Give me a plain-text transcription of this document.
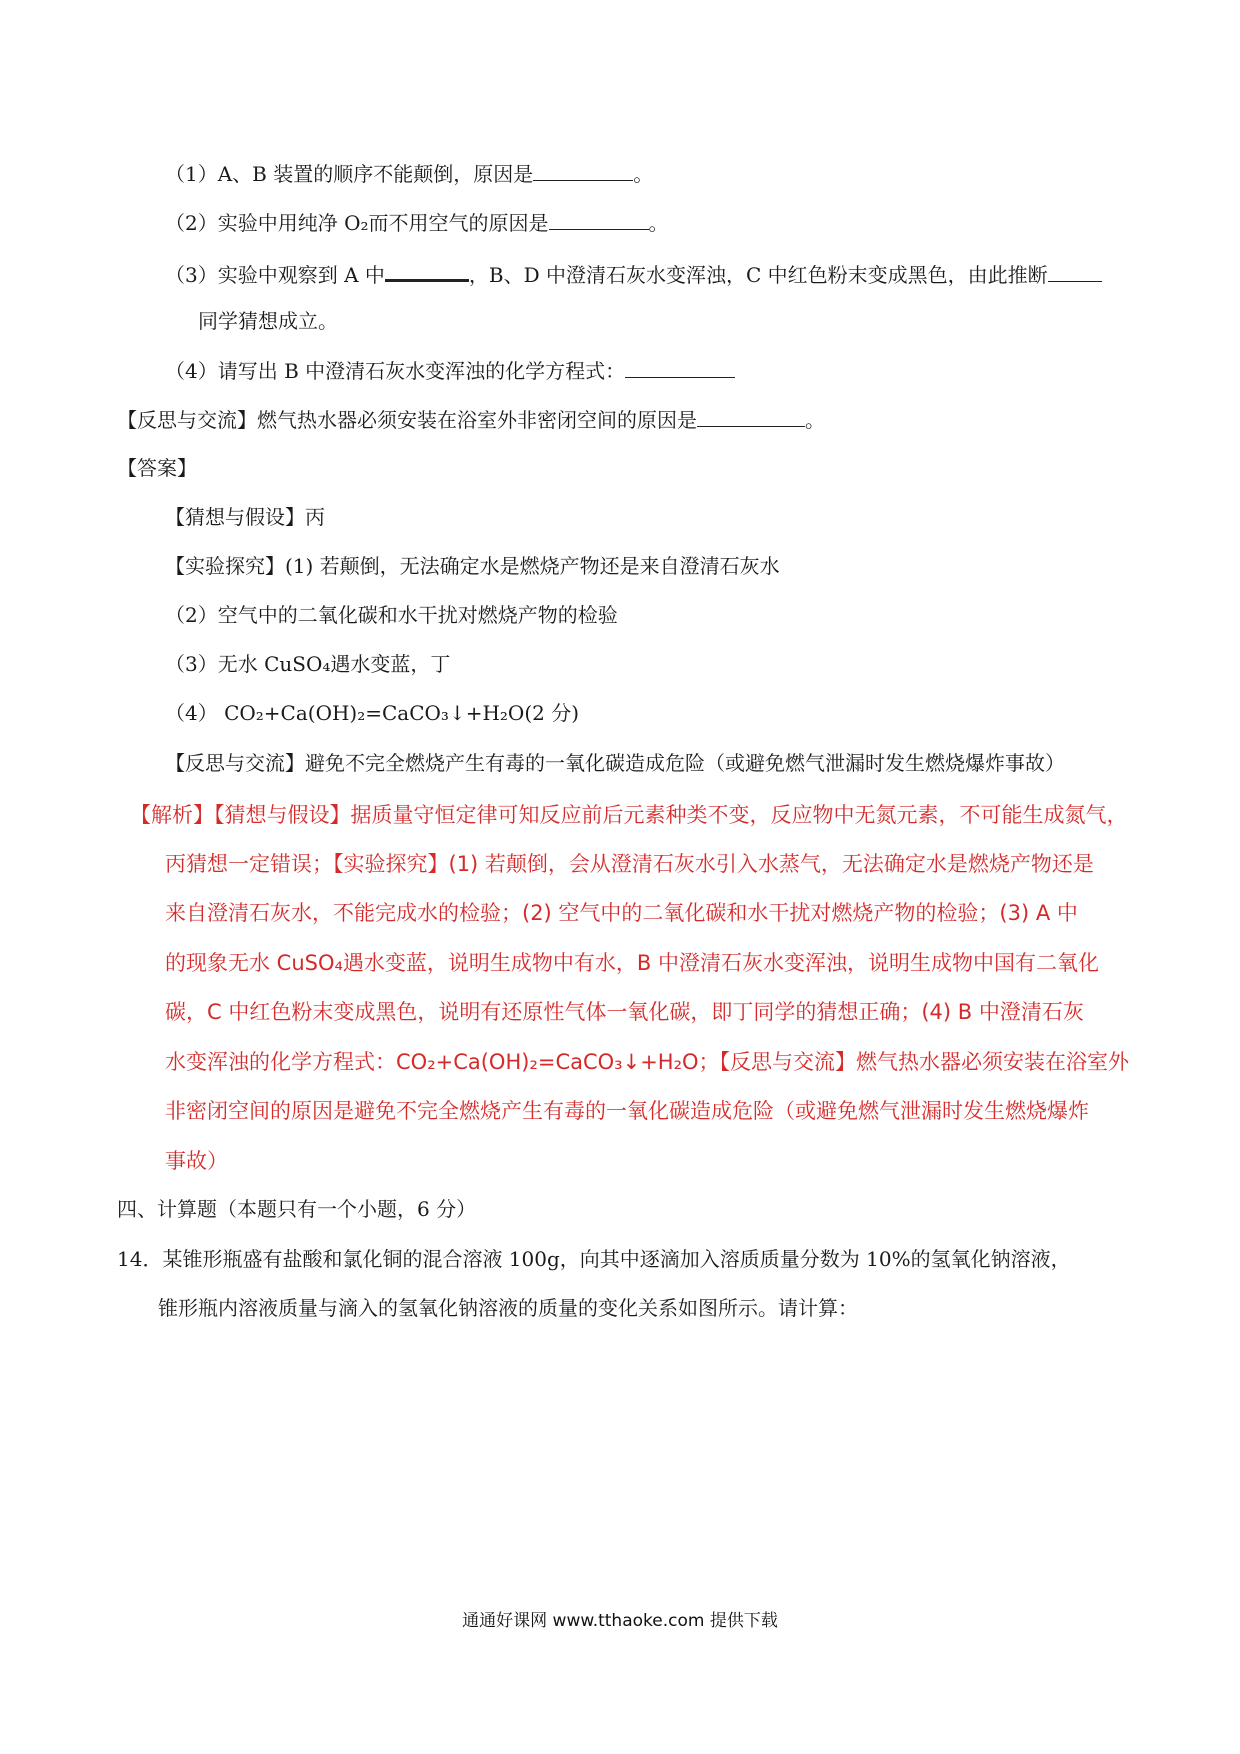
（1）A、B 装置的顺序不能颠倒，原因是	。
（2）实验中用纯净 O₂而不用空气的原因是	。
（3）实验中观察到 A 中	，B、D 中澄清石灰水变浑浊，C 中红色粉末变成黑色，由此推断
同学猜想成立。
（4）请写出 B 中澄清石灰水变浑浊的化学方程式：
【反思与交流】燃气热水器必须安装在浴室外非密闭空间的原因是	。
【答案】
【猜想与假设】丙
【实验探究】(1) 若颠倒，无法确定水是燃烧产物还是来自澄清石灰水
（2）空气中的二氧化碳和水干扰对燃烧产物的检验
（3）无水 CuSO₄遇水变蓝，丁
（4） CO₂+Ca(OH)₂=CaCO₃↓+H₂O(2 分)
【反思与交流】避免不完全燃烧产生有毒的一氧化碳造成危险（或避免燃气泄漏时发生燃烧爆炸事故）
【解析】【猜想与假设】据质量守恒定律可知反应前后元素种类不变，反应物中无氮元素，不可能生成氮气，
丙猜想一定错误；【实验探究】(1) 若颠倒，会从澄清石灰水引入水蒸气，无法确定水是燃烧产物还是
来自澄清石灰水，不能完成水的检验；(2) 空气中的二氧化碳和水干扰对燃烧产物的检验；(3) A 中
的现象无水 CuSO₄遇水变蓝，说明生成物中有水，B 中澄清石灰水变浑浊，说明生成物中国有二氧化
碳，C 中红色粉末变成黑色，说明有还原性气体一氧化碳，即丁同学的猜想正确；(4) B 中澄清石灰
水变浑浊的化学方程式：CO₂+Ca(OH)₂=CaCO₃↓+H₂O；【反思与交流】燃气热水器必须安装在浴室外
非密闭空间的原因是避免不完全燃烧产生有毒的一氧化碳造成危险（或避免燃气泄漏时发生燃烧爆炸
事故）
四、计算题（本题只有一个小题，6 分）
14．某锥形瓶盛有盐酸和氯化铜的混合溶液 100g，向其中逐滴加入溶质质量分数为 10%的氢氧化钠溶液，
锥形瓶内溶液质量与滴入的氢氧化钠溶液的质量的变化关系如图所示。请计算：
通通好课网 www.tthaoke.com 提供下载
